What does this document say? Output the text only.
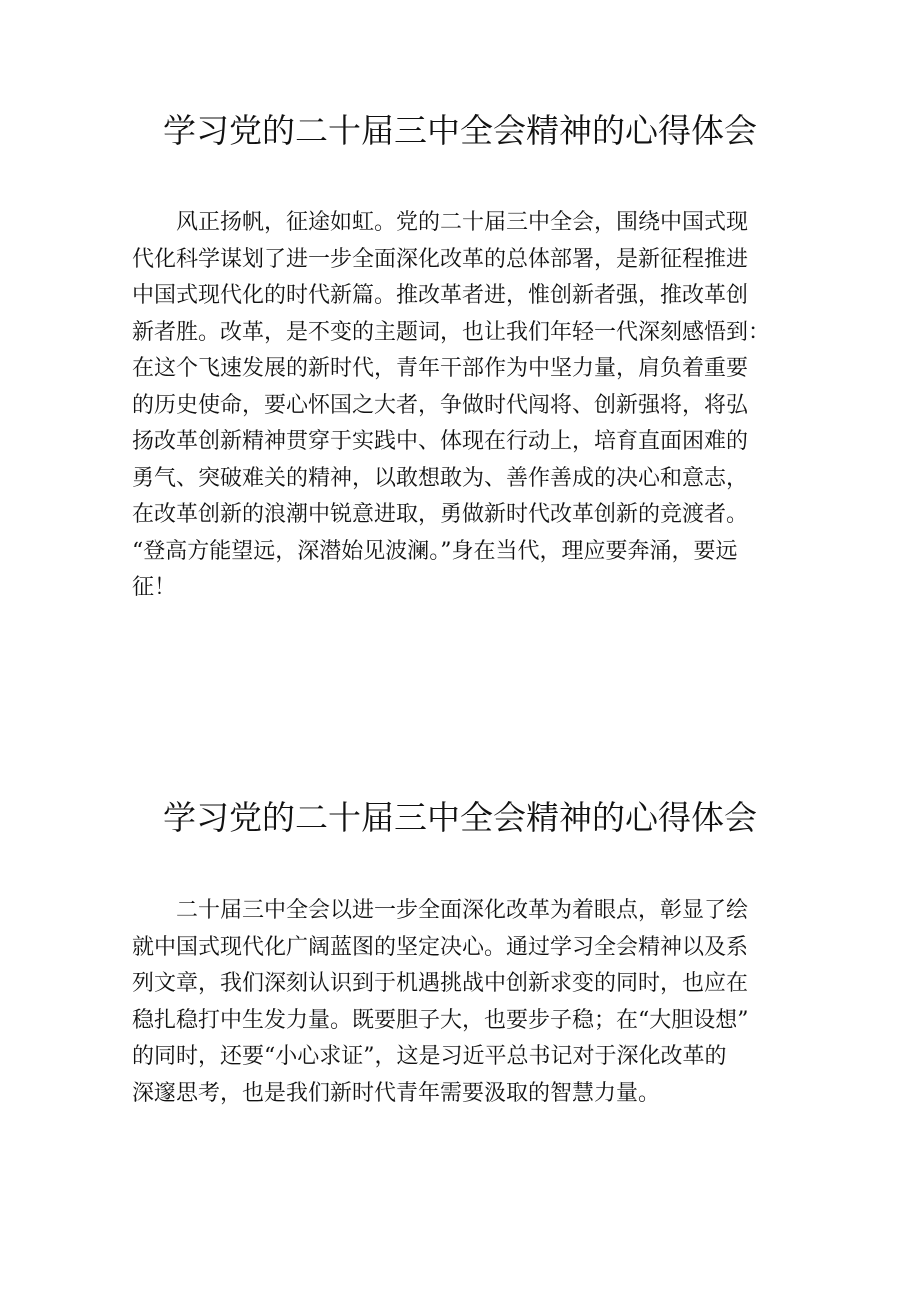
学习党的二十届三中全会精神的心得体会
　　风正扬帆，征途如虹。党的二十届三中全会，围绕中国式现
代化科学谋划了进一步全面深化改革的总体部署，是新征程推进
中国式现代化的时代新篇。推改革者进，惟创新者强，推改革创
新者胜。改革，是不变的主题词，也让我们年轻一代深刻感悟到：
在这个飞速发展的新时代，青年干部作为中坚力量，肩负着重要
的历史使命，要心怀国之大者，争做时代闯将、创新强将，将弘
扬改革创新精神贯穿于实践中、体现在行动上，培育直面困难的
勇气、突破难关的精神，以敢想敢为、善作善成的决心和意志，
在改革创新的浪潮中锐意进取，勇做新时代改革创新的竞渡者。
“登高方能望远，深潜始见波澜。”身在当代，理应要奔涌，要远
征！
学习党的二十届三中全会精神的心得体会
　　二十届三中全会以进一步全面深化改革为着眼点，彰显了绘
就中国式现代化广阔蓝图的坚定决心。通过学习全会精神以及系
列文章，我们深刻认识到于机遇挑战中创新求变的同时，也应在
稳扎稳打中生发力量。既要胆子大，也要步子稳；在“大胆设想”
的同时，还要“小心求证”，这是习近平总书记对于深化改革的
深邃思考，也是我们新时代青年需要汲取的智慧力量。
